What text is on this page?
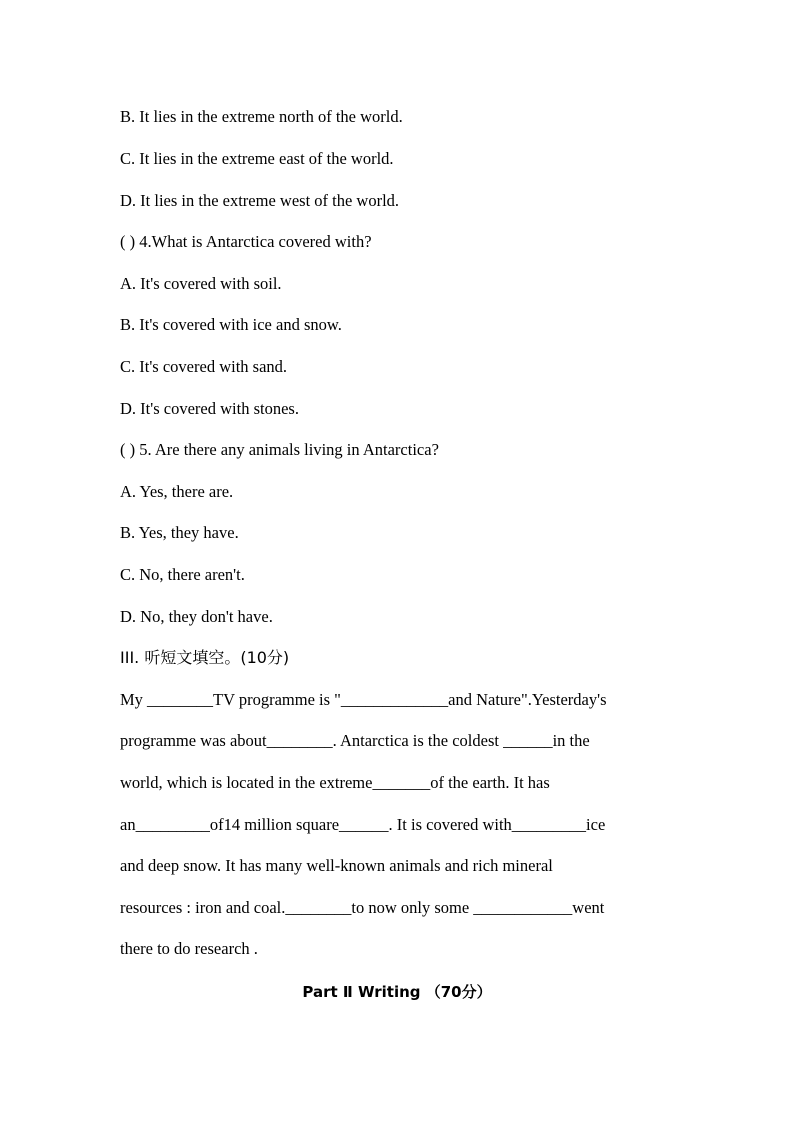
B. It lies in the extreme north of the world.
C. It lies in the extreme east of the world.
D. It lies in the extreme west of the world.
( ) 4.What is Antarctica covered with?
A. It's covered with soil.
B. It's covered with ice and snow.
C. It's covered with sand.
D. It's covered with stones.
( ) 5. Are there any animals living in Antarctica?
A. Yes, there are.
B. Yes, they have.
C. No, there aren't.
D. No, they don't have.
III. 听短文填空。(10分)
My ________TV programme is "_____________and Nature".Yesterday's
programme was about________. Antarctica is the coldest ______in the
world, which is located in the extreme_______of the earth. It has
an_________of14 million square______. It is covered with_________ice
and deep snow. It has many well-known animals and rich mineral
resources : iron and coal.________to now only some ____________went
there to do research .
Part Ⅱ Writing （70分）
